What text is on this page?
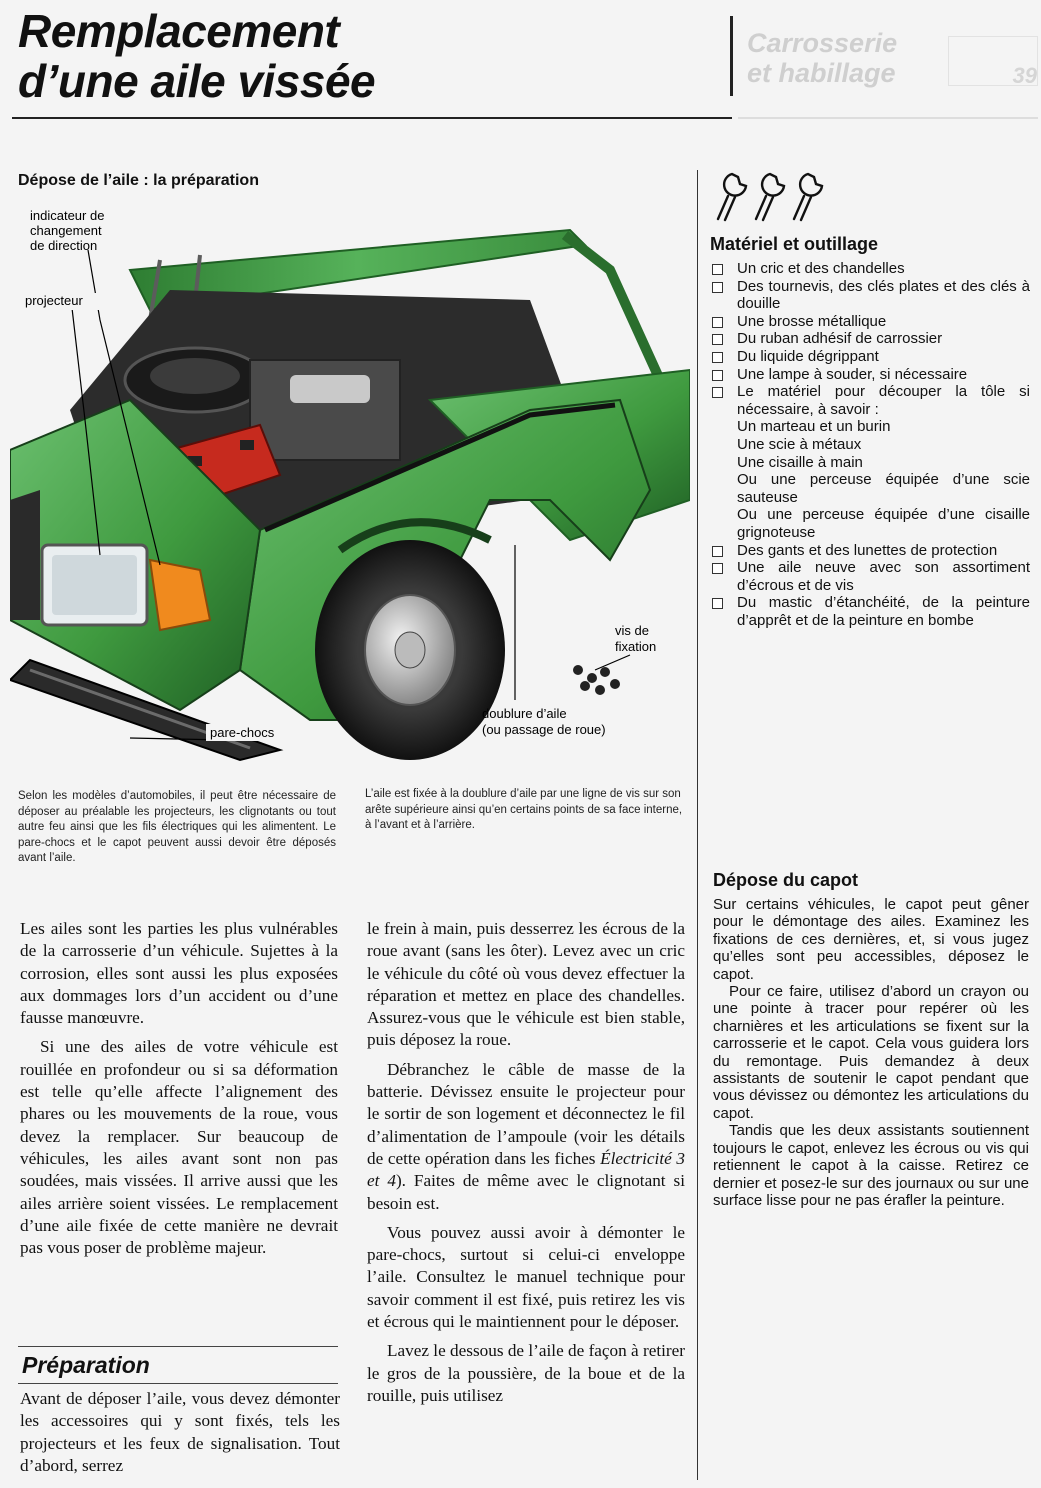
Remplacement
d’une aile vissée
Carrosserie
et habillage	39
Dépose de l’aile : la préparation
indicateur de
changement
de direction
projecteur
vis de
fixation
doublure d’aile
(ou passage de roue)
pare-chocs
Selon les modèles d’automobiles, il peut être nécessaire de déposer au préalable les projecteurs, les clignotants ou tout autre feu ainsi que les fils électriques qui les alimentent. Le pare-chocs et le capot peuvent aussi devoir être déposés avant l’aile.
L’aile est fixée à la doublure d’aile par une ligne de vis sur son arête supérieure ainsi qu’en certains points de sa face interne, à l’avant et à l’arrière.
Matériel et outillage
Un cric et des chandelles
Des tournevis, des clés plates et des clés à douille
Une brosse métallique
Du ruban adhésif de carrossier
Du liquide dégrippant
Une lampe à souder, si nécessaire
Le matériel pour découper la tôle si nécessaire, à savoir :
Un marteau et un burin
Une scie à métaux
Une cisaille à main
Ou une perceuse équipée d’une scie sauteuse
Ou une perceuse équipée d’une cisaille grignoteuse
Des gants et des lunettes de protection
Une aile neuve avec son assortiment d’écrous et de vis
Du mastic d’étanchéité, de la peinture d’apprêt et de la peinture en bombe
Dépose du capot

Sur certains véhicules, le capot peut gêner pour le démontage des ailes. Examinez les fixations de ces dernières, et, si vous jugez qu’elles sont peu accessibles, déposez le capot.

Pour ce faire, utilisez d’abord un crayon ou une pointe à tracer pour repérer où les charnières et les articulations se fixent sur la carrosserie et le capot. Cela vous guidera lors du remontage. Puis demandez à deux assistants de soutenir le capot pendant que vous dévissez ou démontez les articulations du capot.

Tandis que les deux assistants soutiennent toujours le capot, enlevez les écrous ou vis qui retiennent le capot à la caisse. Retirez ce dernier et posez-le sur des journaux ou sur une surface lisse pour ne pas érafler la peinture.

Les ailes sont les parties les plus vulnérables de la carrosserie d’un véhicule. Sujettes à la corrosion, elles sont aussi les plus exposées aux dommages lors d’un accident ou d’une fausse manœuvre.

Si une des ailes de votre véhicule est rouillée en profondeur ou si sa déformation est telle qu’elle affecte l’alignement des phares ou les mouvements de la roue, vous devez la remplacer. Sur beaucoup de véhicules, les ailes avant sont non pas soudées, mais vissées. Il arrive aussi que les ailes arrière soient vissées. Le remplacement d’une aile fixée de cette manière ne devrait pas vous poser de problème majeur.

Préparation

Avant de déposer l’aile, vous devez démonter les accessoires qui y sont fixés, tels les projecteurs et les feux de signalisation. Tout d’abord, serrez

le frein à main, puis desserrez les écrous de la roue avant (sans les ôter). Levez avec un cric le véhicule du côté où vous devez effectuer la réparation et mettez en place des chandelles. Assurez-vous que le véhicule est bien stable, puis déposez la roue.

Débranchez le câble de masse de la batterie. Dévissez ensuite le projecteur pour le sortir de son logement et déconnectez le fil d’alimentation de l’ampoule (voir les détails de cette opération dans les fiches Électricité 3 et 4). Faites de même avec le clignotant si besoin est.

Vous pouvez aussi avoir à démonter le pare-chocs, surtout si celui-ci enveloppe l’aile. Consultez le manuel technique pour savoir comment il est fixé, puis retirez les vis et écrous qui le maintiennent pour le déposer.

Lavez le dessous de l’aile de façon à retirer le gros de la poussière, de la boue et de la rouille, puis utilisez
